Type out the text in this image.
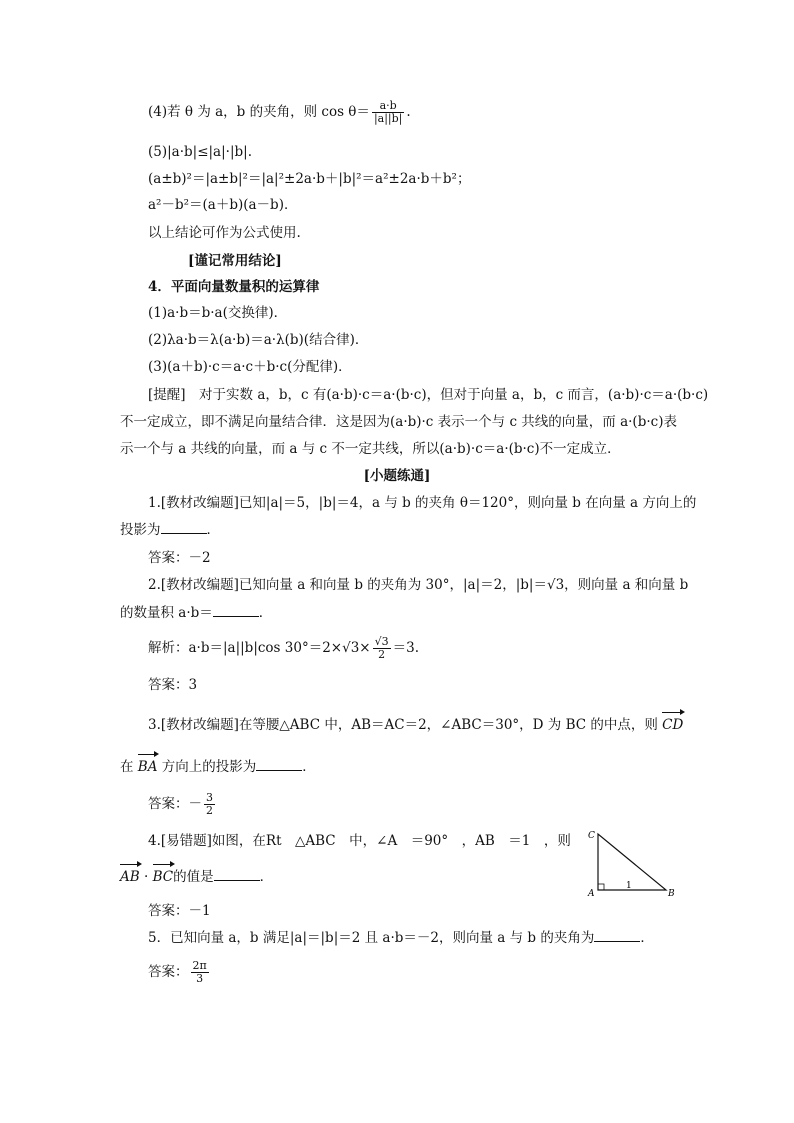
(4)若 θ 为 a，b 的夹角，则 $\cos \theta= \frac{a\cdot b}{|a||b|}$ .
(5)|a·b|≤|a|·|b|.
(a±b)²＝|a±b|²＝|a|²±2a·b＋|b|²＝a²±2a·b＋b²；
a²－b²＝(a＋b)(a－b)．
以上结论可作为公式使用.
[谨记常用结论]
4．平面向量数量积的运算律
(1)a·b＝b·a(交换律)．
(2)λa·b＝λ(a·b)＝a·λ(b)(结合律)．
(3)(a＋b)·c＝a·c＋b·c(分配律)．
[提醒]　对于实数 a，b，c 有(a·b)·c＝a·(b·c)，但对于向量 a，b，c 而言，(a·b)·c＝a·(b·c)
不一定成立，即不满足向量结合律．这是因为(a·b)·c 表示一个与 c 共线的向量，而 a·(b·c)表
示一个与 a 共线的向量，而 a 与 c 不一定共线，所以(a·b)·c＝a·(b·c)不一定成立．
[小题练通]
1.[教材改编题]已知|a|＝5，|b|＝4，a 与 b 的夹角 θ＝120°，则向量 b 在向量 a 方向上的
投影为	．
答案：－2
2.[教材改编题]已知向量 a 和向量 b 的夹角为 30°，|a|＝2，|b|＝√3，则向量 a 和向量 b
的数量积 a·b＝	．
解析：a·b＝|a||b|cos $30^\circ=2\times√3\times \frac{√3}{2} =3$.
答案：3
3.[教材改编题]在等腰△ABC 中，AB＝AC＝2，∠ABC＝30°，D 为 BC 的中点，则 CD
在 BA 方向上的投影为	．
答案：－ $\frac{3}{2}$
4.[易错题]如图，在Rt　△ABC　中，∠A　＝90°　，AB　＝1　，则
AB · BC的值是	．
C
A	B
1
答案：－1
5．已知向量 a，b 满足|a|＝|b|＝2 且 a·b＝－2，则向量 a 与 b 的夹角为	．
答案： $\frac{2\pi}{3}$
